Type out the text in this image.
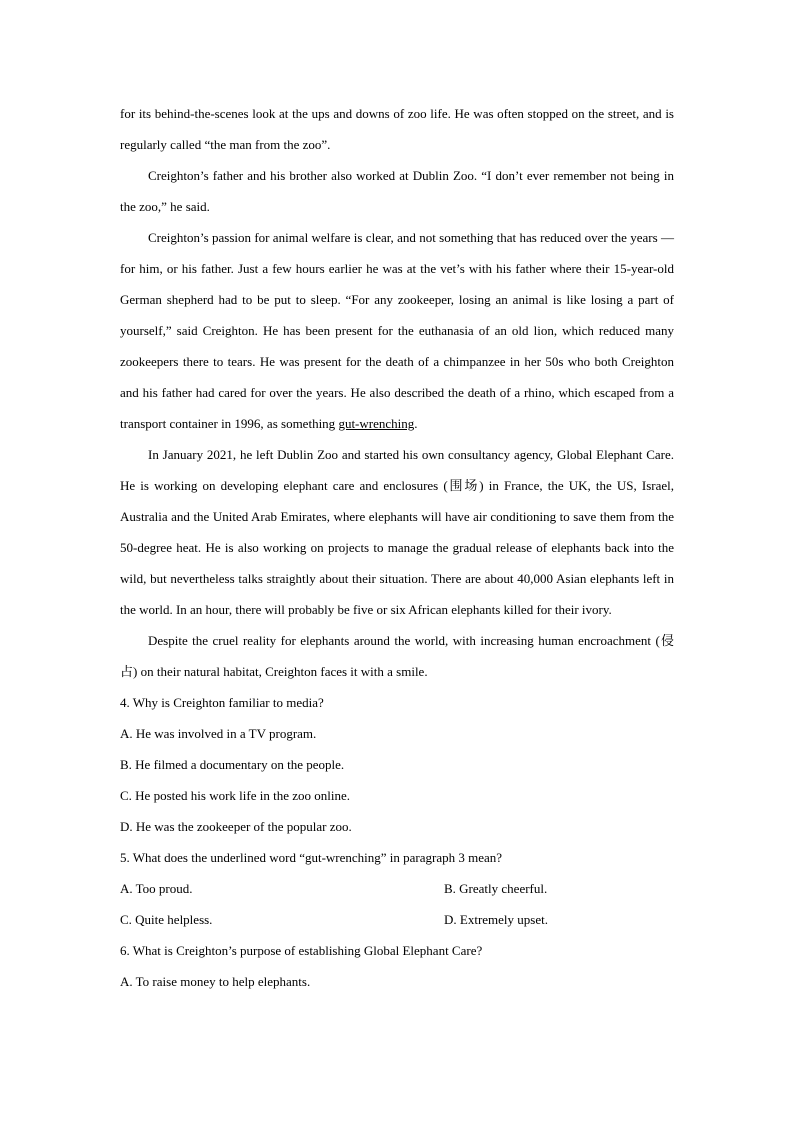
for its behind-the-scenes look at the ups and downs of zoo life. He was often stopped on the street, and is regularly called “the man from the zoo”.

Creighton’s father and his brother also worked at Dublin Zoo. “I don’t ever remember not being in the zoo,” he said.

Creighton’s passion for animal welfare is clear, and not something that has reduced over the years — for him, or his father. Just a few hours earlier he was at the vet’s with his father where their 15-year-old German shepherd had to be put to sleep. “For any zookeeper, losing an animal is like losing a part of yourself,” said Creighton. He has been present for the euthanasia of an old lion, which reduced many zookeepers there to tears. He was present for the death of a chimpanzee in her 50s who both Creighton and his father had cared for over the years. He also described the death of a rhino, which escaped from a transport container in 1996, as something gut-wrenching.

In January 2021, he left Dublin Zoo and started his own consultancy agency, Global Elephant Care. He is working on developing elephant care and enclosures (围场) in France, the UK, the US, Israel, Australia and the United Arab Emirates, where elephants will have air conditioning to save them from the 50-degree heat. He is also working on projects to manage the gradual release of elephants back into the wild, but nevertheless talks straightly about their situation. There are about 40,000 Asian elephants left in the world. In an hour, there will probably be five or six African elephants killed for their ivory.

Despite the cruel reality for elephants around the world, with increasing human encroachment (侵占) on their natural habitat, Creighton faces it with a smile.

4. Why is Creighton familiar to media?

A. He was involved in a TV program.

B. He filmed a documentary on the people.

C. He posted his work life in the zoo online.

D. He was the zookeeper of the popular zoo.

5. What does the underlined word “gut-wrenching” in paragraph 3 mean?

A. Too proud.	B. Greatly cheerful.
C. Quite helpless.	D. Extremely upset.

6. What is Creighton’s purpose of establishing Global Elephant Care?

A. To raise money to help elephants.
